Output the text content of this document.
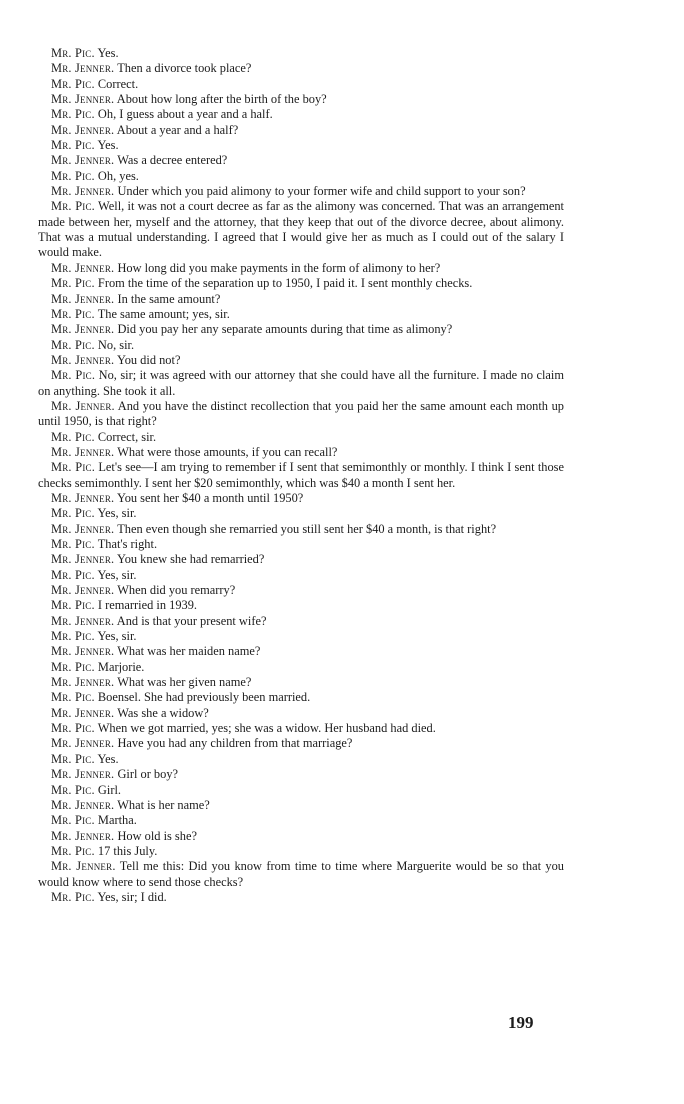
Mr. Pic. Yes.

Mr. Jenner. Then a divorce took place?

Mr. Pic. Correct.

Mr. Jenner. About how long after the birth of the boy?

Mr. Pic. Oh, I guess about a year and a half.

Mr. Jenner. About a year and a half?

Mr. Pic. Yes.

Mr. Jenner. Was a decree entered?

Mr. Pic. Oh, yes.

Mr. Jenner. Under which you paid alimony to your former wife and child support to your son?

Mr. Pic. Well, it was not a court decree as far as the alimony was concerned. That was an arrangement made between her, myself and the attorney, that they keep that out of the divorce decree, about alimony. That was a mutual understanding. I agreed that I would give her as much as I could out of the salary I would make.

Mr. Jenner. How long did you make payments in the form of alimony to her?

Mr. Pic. From the time of the separation up to 1950, I paid it. I sent monthly checks.

Mr. Jenner. In the same amount?

Mr. Pic. The same amount; yes, sir.

Mr. Jenner. Did you pay her any separate amounts during that time as alimony?

Mr. Pic. No, sir.

Mr. Jenner. You did not?

Mr. Pic. No, sir; it was agreed with our attorney that she could have all the furniture. I made no claim on anything. She took it all.

Mr. Jenner. And you have the distinct recollection that you paid her the same amount each month up until 1950, is that right?

Mr. Pic. Correct, sir.

Mr. Jenner. What were those amounts, if you can recall?

Mr. Pic. Let's see—I am trying to remember if I sent that semimonthly or monthly. I think I sent those checks semimonthly. I sent her $20 semimonthly, which was $40 a month I sent her.

Mr. Jenner. You sent her $40 a month until 1950?

Mr. Pic. Yes, sir.

Mr. Jenner. Then even though she remarried you still sent her $40 a month, is that right?

Mr. Pic. That's right.

Mr. Jenner. You knew she had remarried?

Mr. Pic. Yes, sir.

Mr. Jenner. When did you remarry?

Mr. Pic. I remarried in 1939.

Mr. Jenner. And is that your present wife?

Mr. Pic. Yes, sir.

Mr. Jenner. What was her maiden name?

Mr. Pic. Marjorie.

Mr. Jenner. What was her given name?

Mr. Pic. Boensel. She had previously been married.

Mr. Jenner. Was she a widow?

Mr. Pic. When we got married, yes; she was a widow. Her husband had died.

Mr. Jenner. Have you had any children from that marriage?

Mr. Pic. Yes.

Mr. Jenner. Girl or boy?

Mr. Pic. Girl.

Mr. Jenner. What is her name?

Mr. Pic. Martha.

Mr. Jenner. How old is she?

Mr. Pic. 17 this July.

Mr. Jenner. Tell me this: Did you know from time to time where Marguerite would be so that you would know where to send those checks?

Mr. Pic. Yes, sir; I did.

199
